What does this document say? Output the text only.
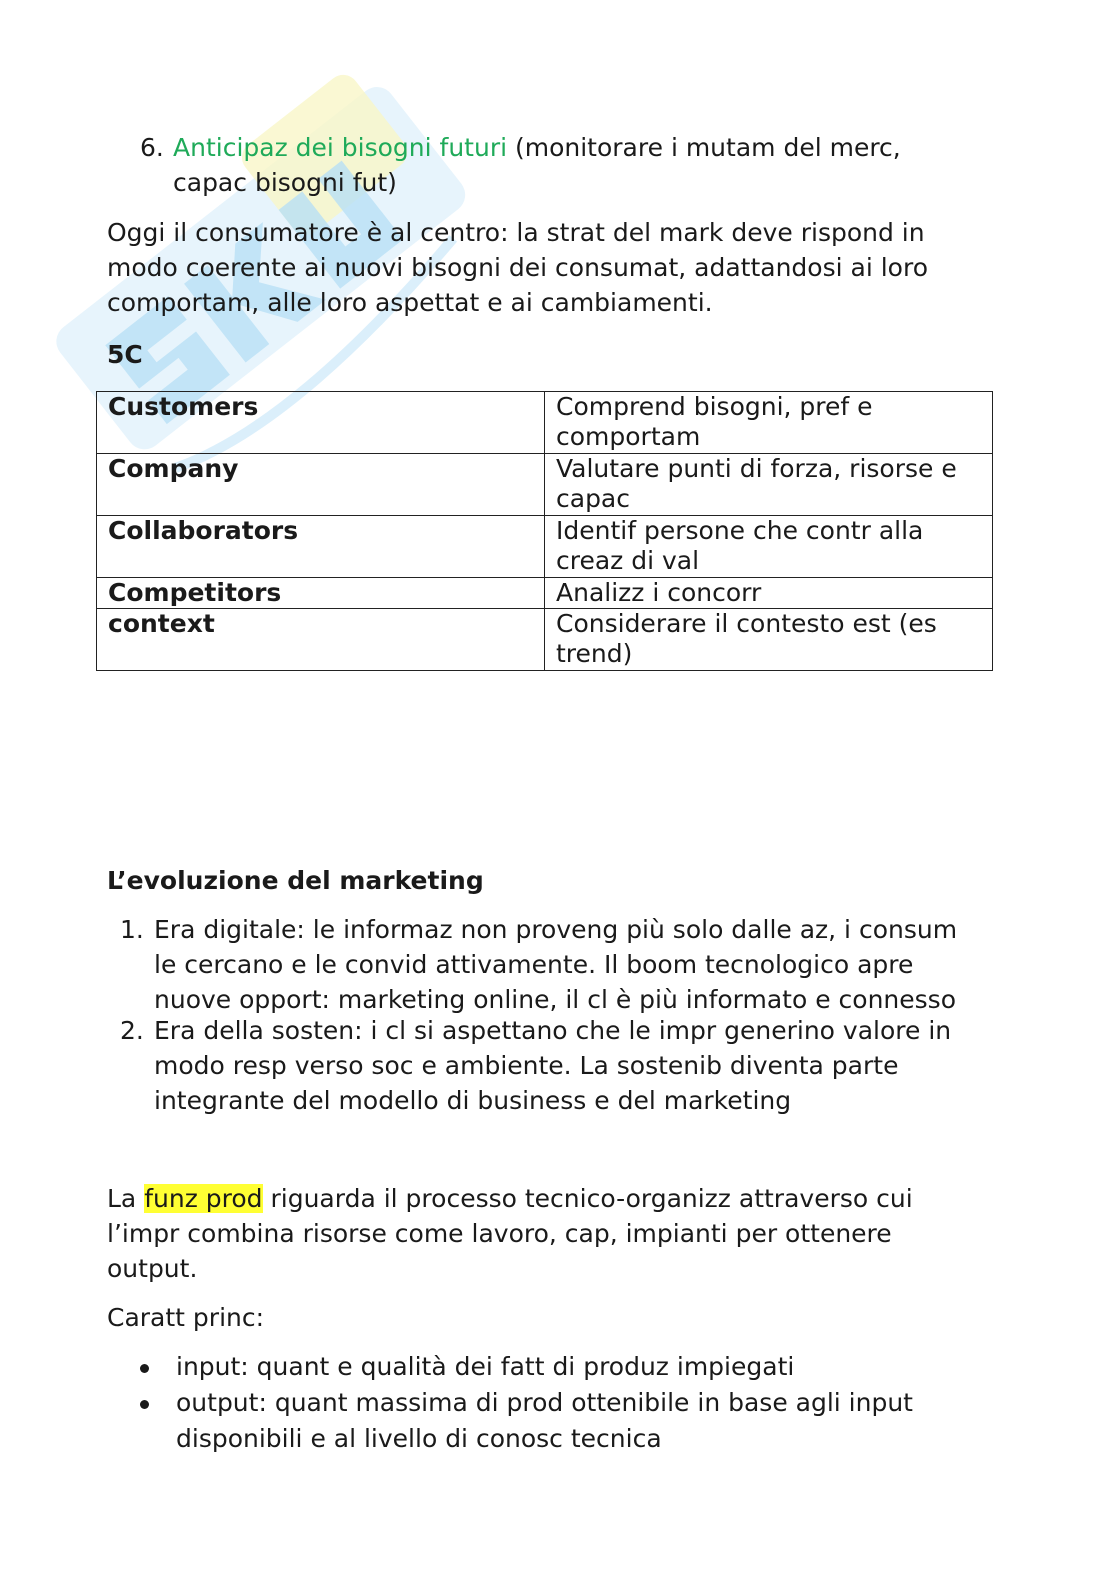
6. Anticipaz dei bisogni futuri (monitorare i mutam del merc,
capac bisogni fut)

Oggi il consumatore è al centro: la strat del mark deve rispond in

modo coerente ai nuovi bisogni dei consumat, adattandosi ai loro

comportam, alle loro aspettat e ai cambiamenti.

5C

Customers	Comprend bisogni, pref e
comportam
Company	Valutare punti di forza, risorse e
capac
Collaborators	Identif persone che contr alla
creaz di val
Competitors	Analizz i concorr
context	Considerare il contesto est (es
trend)

L’evoluzione del marketing

1. Era digitale: le informaz non proveng più solo dalle az, i consum
le cercano e le convid attivamente. Il boom tecnologico apre
nuove opport: marketing online, il cl è più informato e connesso
2. Era della sosten: i cl si aspettano che le impr generino valore in
modo resp verso soc e ambiente. La sostenib diventa parte
integrante del modello di business e del marketing

La funz prod riguarda il processo tecnico-organizz attraverso cui

l’impr combina risorse come lavoro, cap, impianti per ottenere

output.

Caratt princ:

input: quant e qualità dei fatt di produz impiegati
output: quant massima di prod ottenibile in base agli input
disponibili e al livello di conosc tecnica
